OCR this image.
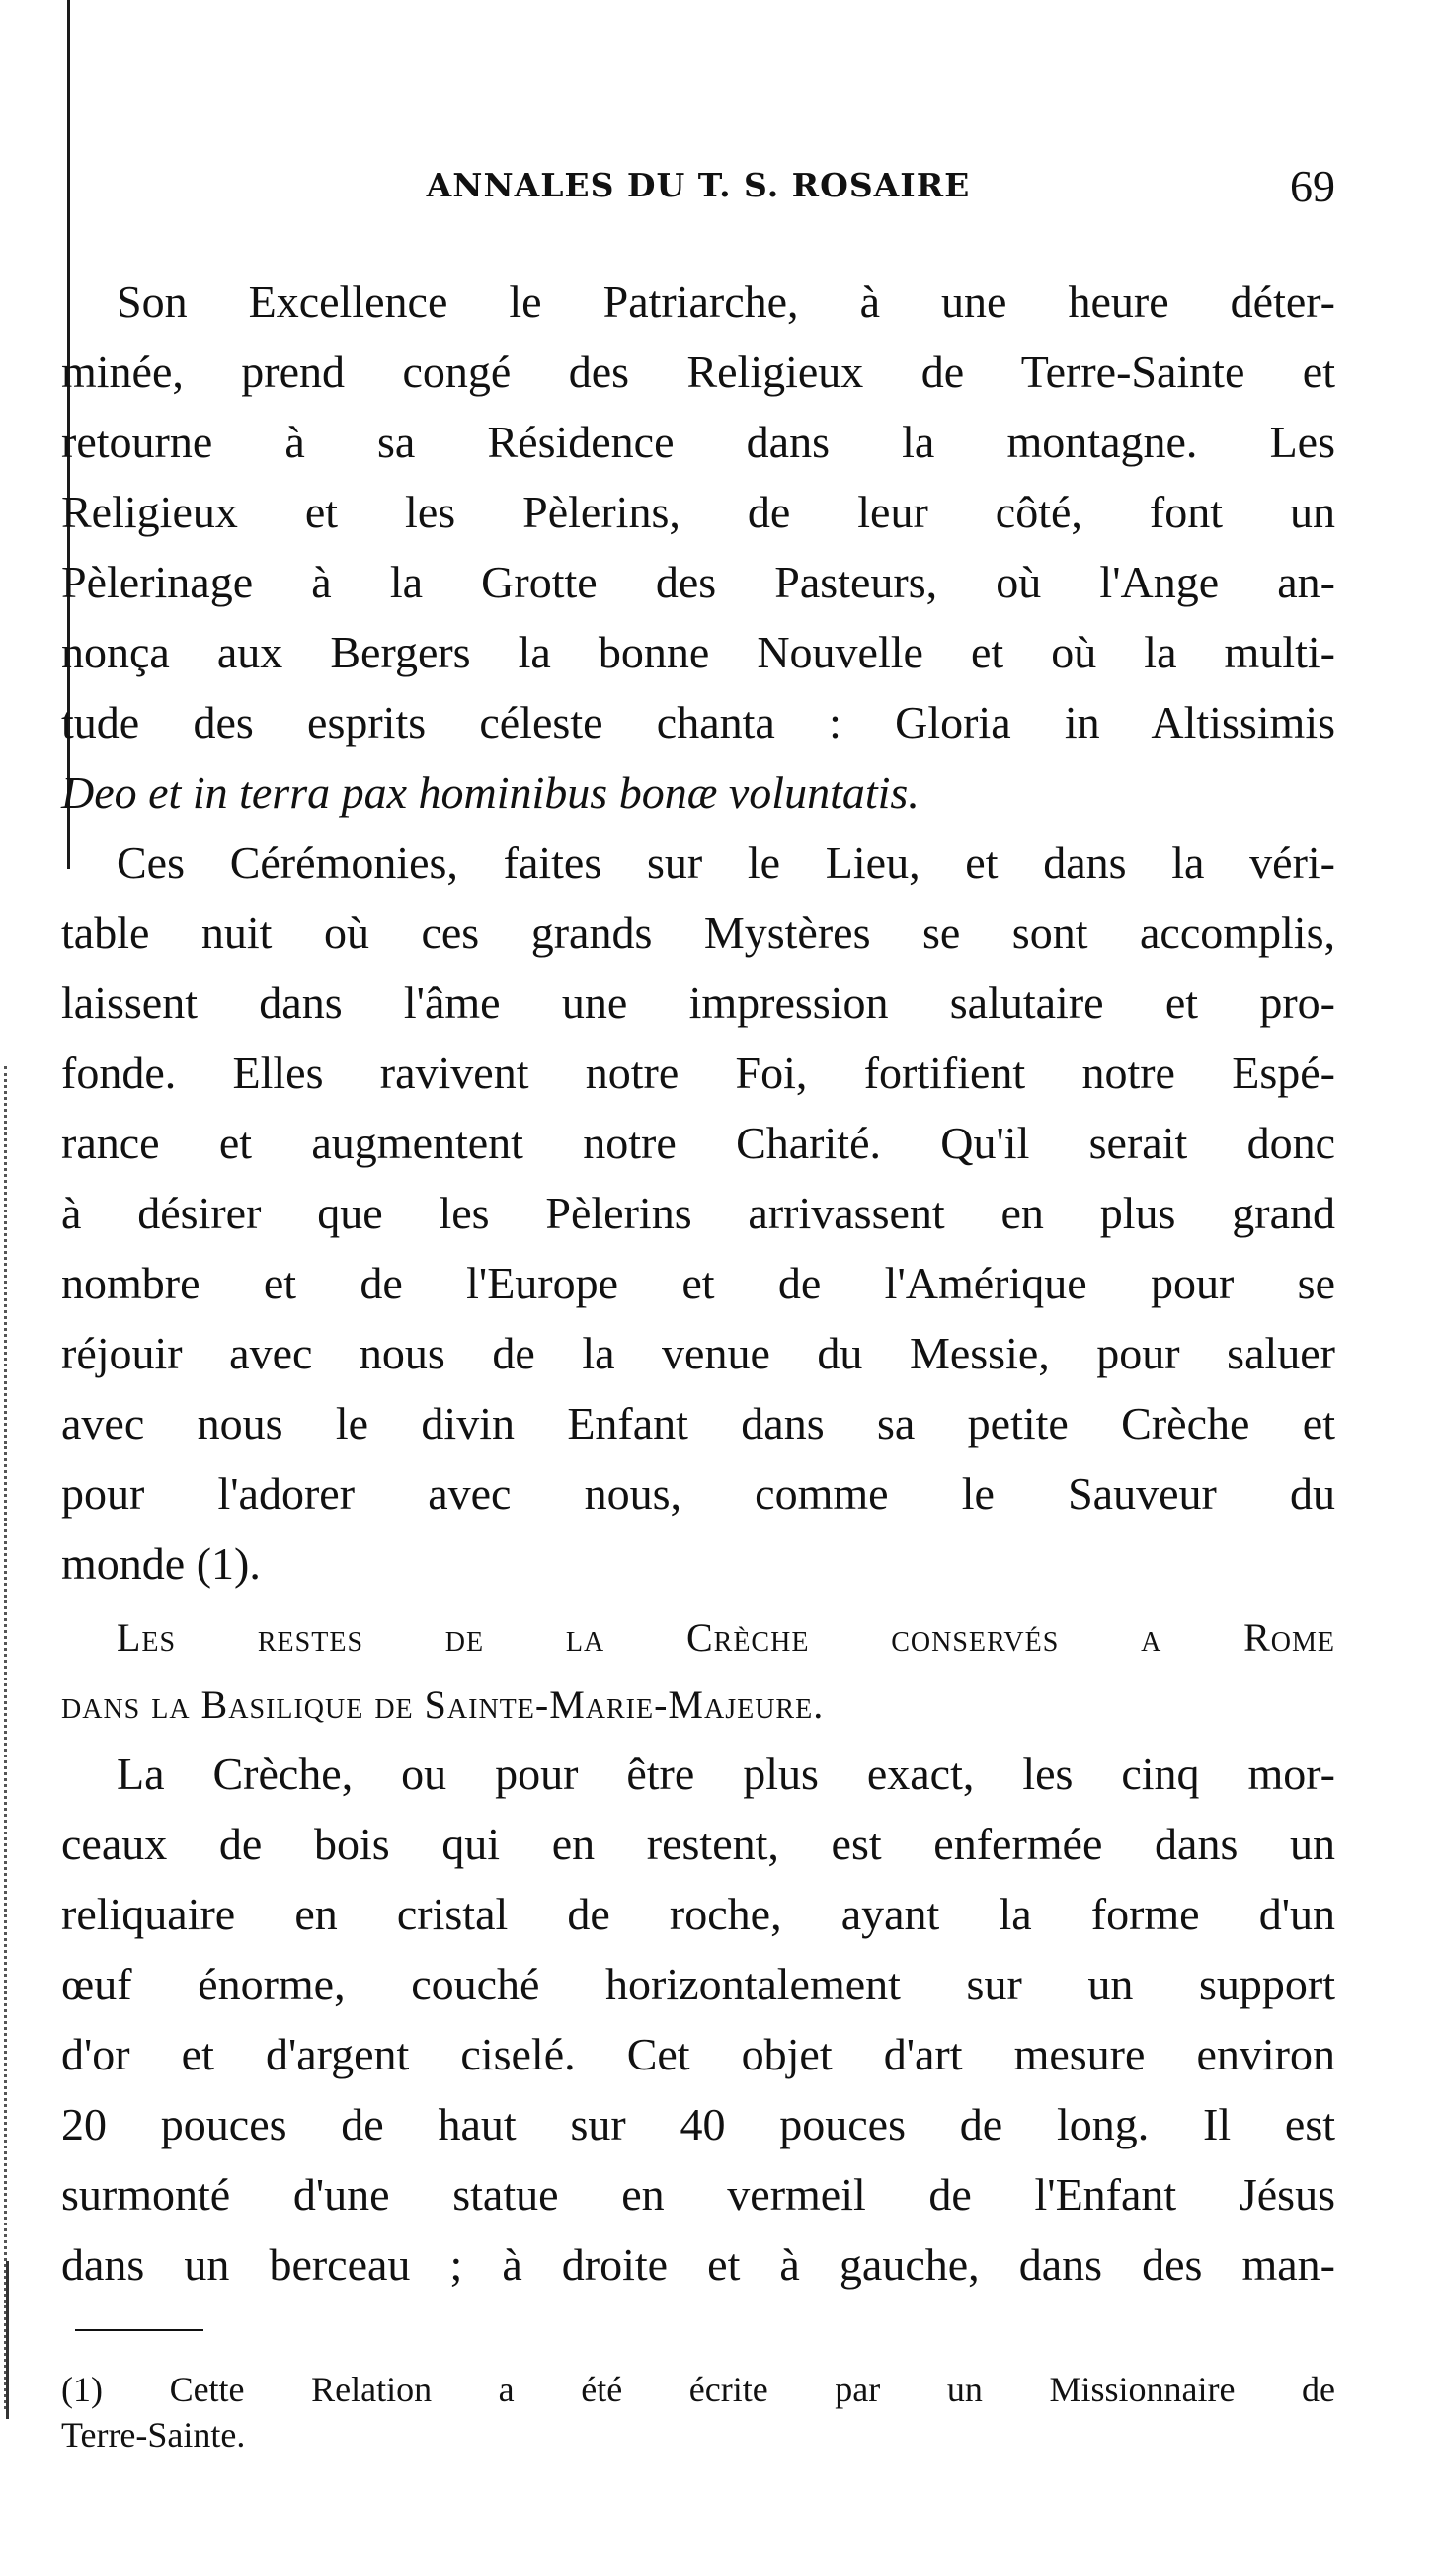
ANNALES DU T. S. ROSAIRE	69
Son Excellence le Patriarche, à une heure déter-
minée, prend congé des Religieux de Terre-Sainte et
retourne à sa Résidence dans la montagne. Les
Religieux et les Pèlerins, de leur côté, font un
Pèlerinage à la Grotte des Pasteurs, où l'Ange an-
nonça aux Bergers la bonne Nouvelle et où la multi-
tude des esprits céleste chanta : Gloria in Altissimis
Deo et in terra pax hominibus bonæ voluntatis.
Ces Cérémonies, faites sur le Lieu, et dans la véri-
table nuit où ces grands Mystères se sont accomplis,
laissent dans l'âme une impression salutaire et pro-
fonde. Elles ravivent notre Foi, fortifient notre Espé-
rance et augmentent notre Charité. Qu'il serait donc
à désirer que les Pèlerins arrivassent en plus grand
nombre et de l'Europe et de l'Amérique pour se
réjouir avec nous de la venue du Messie, pour saluer
avec nous le divin Enfant dans sa petite Crèche et
pour l'adorer avec nous, comme le Sauveur du
monde (1).
Les restes de la Crèche conservés a Rome
dans la Basilique de Sainte-Marie-Majeure.
La Crèche, ou pour être plus exact, les cinq mor-
ceaux de bois qui en restent, est enfermée dans un
reliquaire en cristal de roche, ayant la forme d'un
œuf énorme, couché horizontalement sur un support
d'or et d'argent ciselé. Cet objet d'art mesure environ
20 pouces de haut sur 40 pouces de long. Il est
surmonté d'une statue en vermeil de l'Enfant Jésus
dans un berceau ; à droite et à gauche, dans des man-
(1) Cette Relation a été écrite par un Missionnaire de
Terre-Sainte.
